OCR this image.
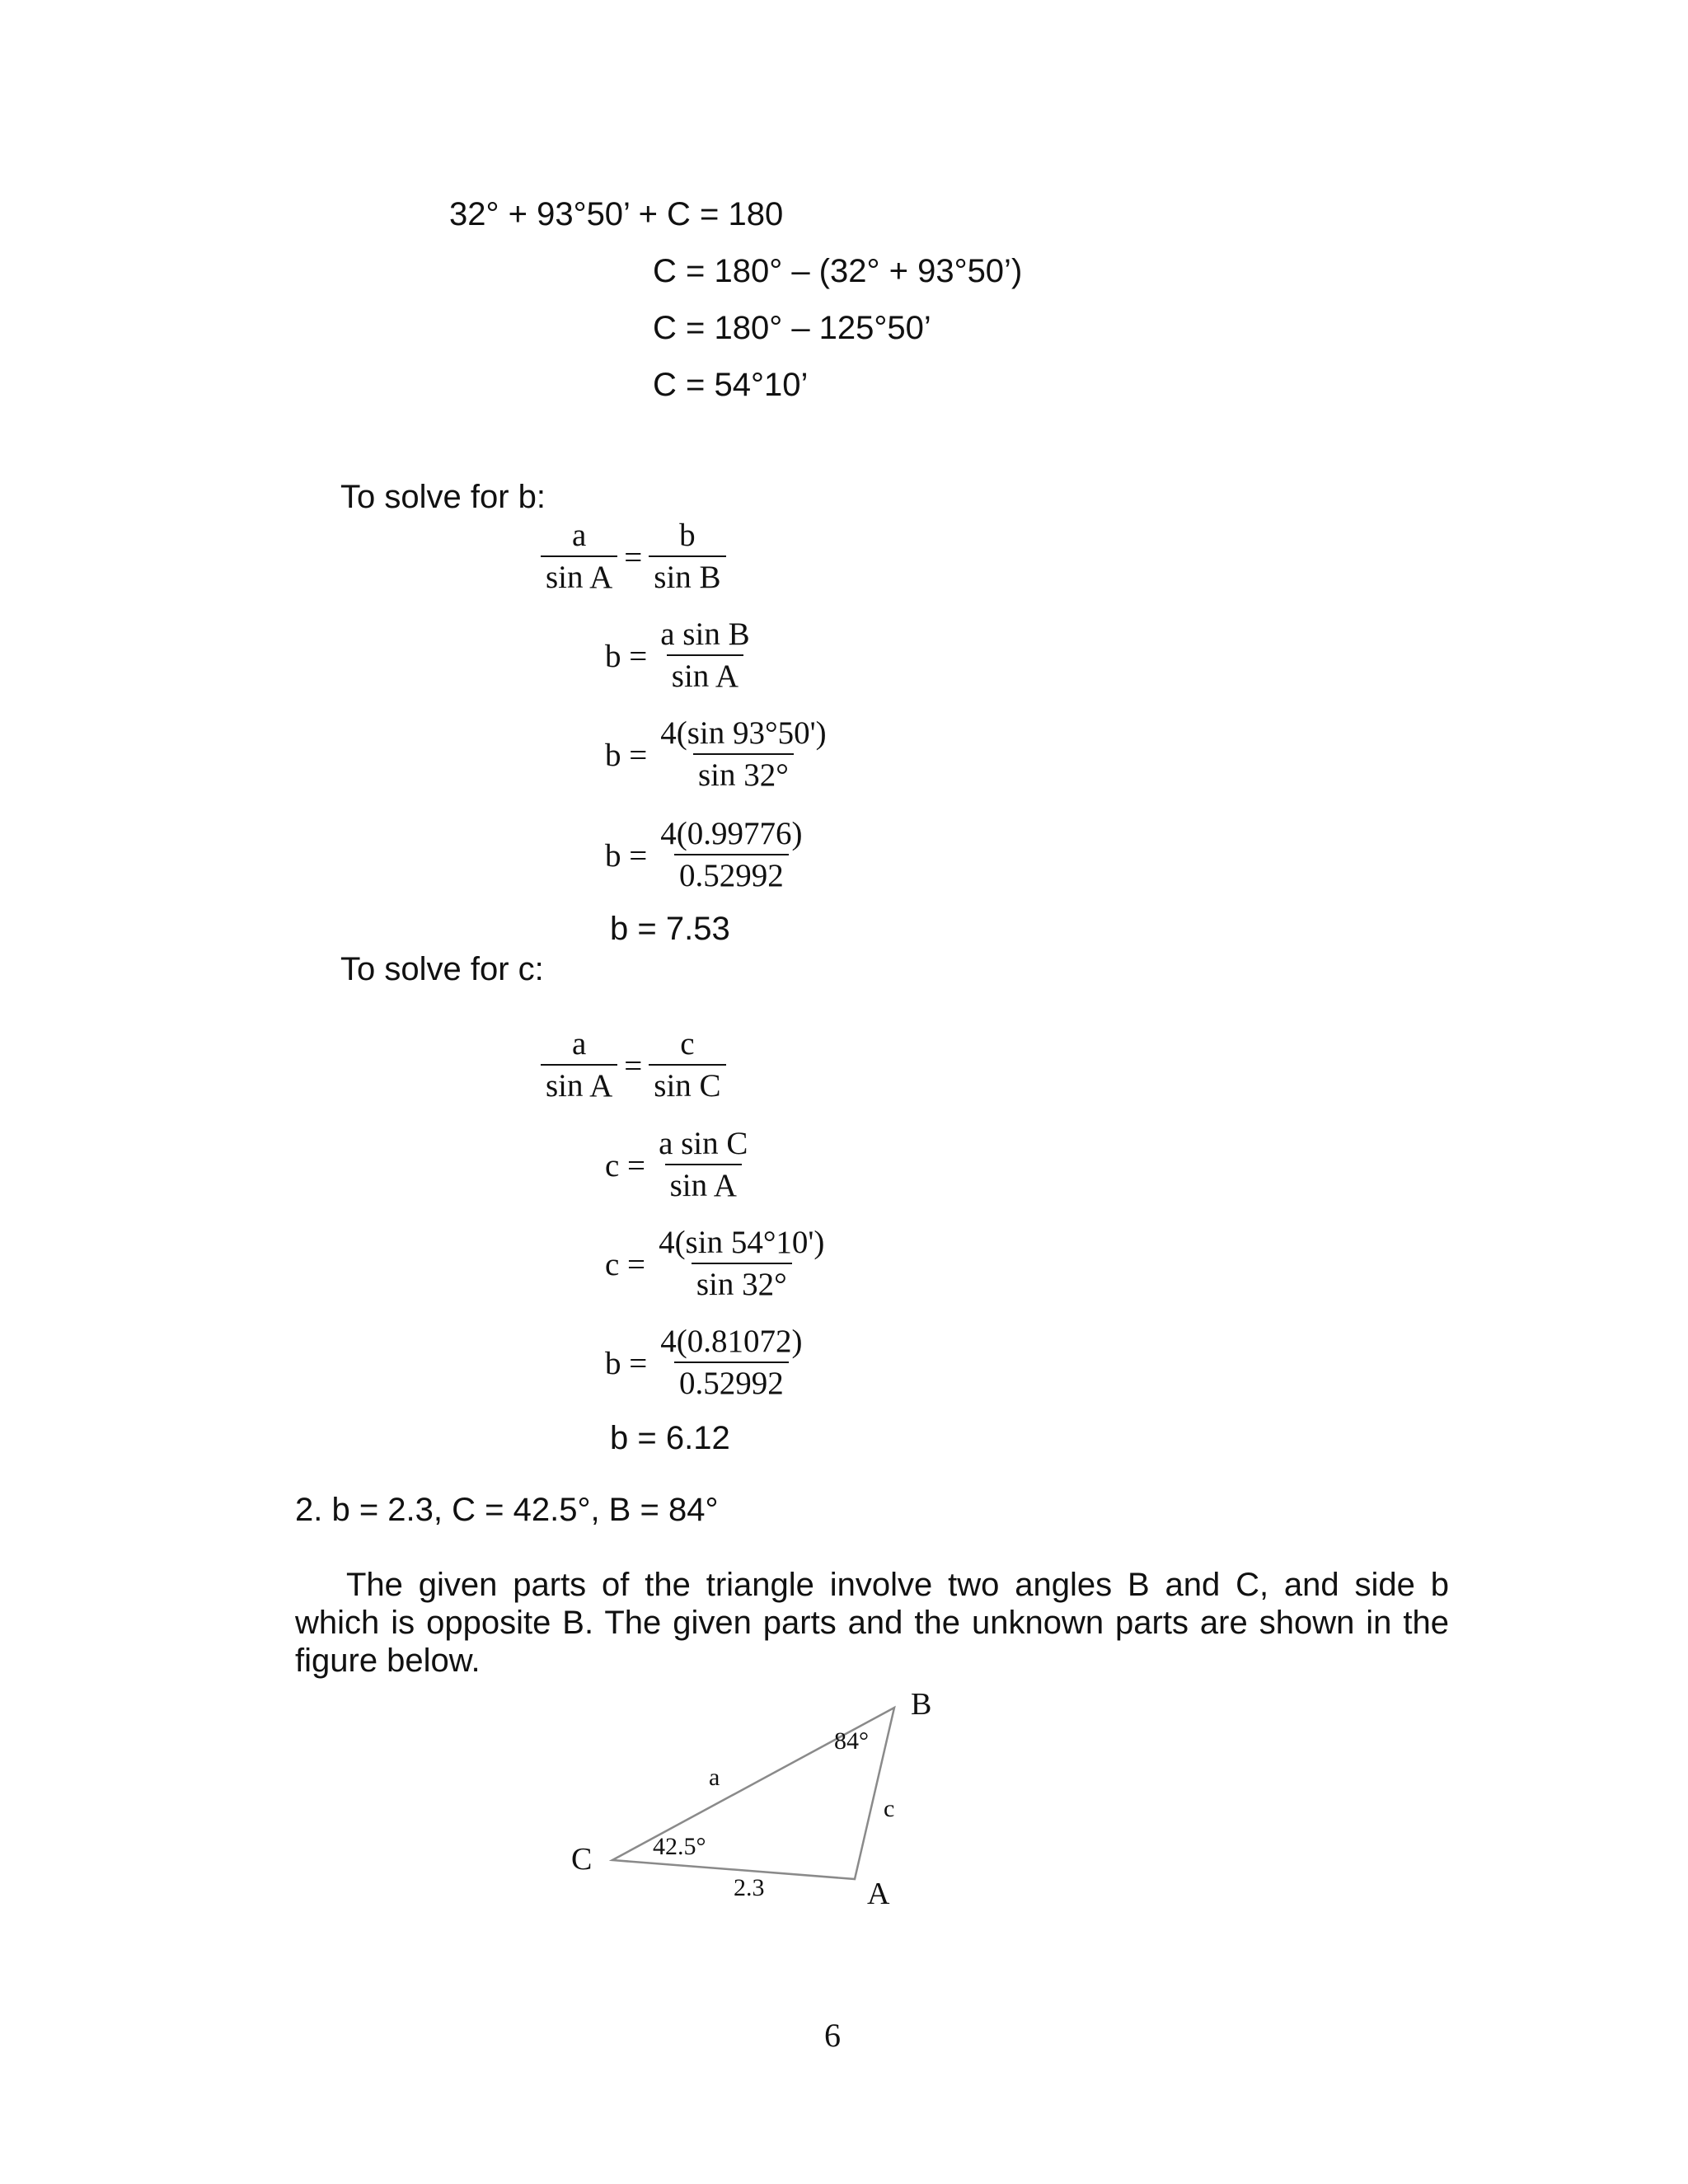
32° + 93°50’ + C = 180
C = 180° – (32° + 93°50’)
C = 180° – 125°50’
C = 54°10’
To solve for b:
$\frac{a}{\text{sin A}} = \frac{b}{\text{sin B}}$
$b = \frac{\text{a sin B}}{\text{sin A}}$
$b = \frac{4(\sin 93^\circ 50')}{\sin 32^\circ}$
$b = \frac{4(0.99776)}{0.52992}$
b = 7.53
To solve for c:
$\frac{a}{\text{sin A}} = \frac{c}{\text{sin C}}$
$c = \frac{\text{a sin C}}{\text{sin A}}$
$c = \frac{4(\sin 54^\circ 10')}{\sin 32^\circ}$
$b = \frac{4(0.81072)}{0.52992}$
b = 6.12
2. b = 2.3, C = 42.5°, B = 84°

The given parts of the triangle involve two angles B and C, and side b which is opposite B. The given parts and the unknown parts are shown in the figure below.

B
C
A
84°
42.5°
a
c
2.3
6
